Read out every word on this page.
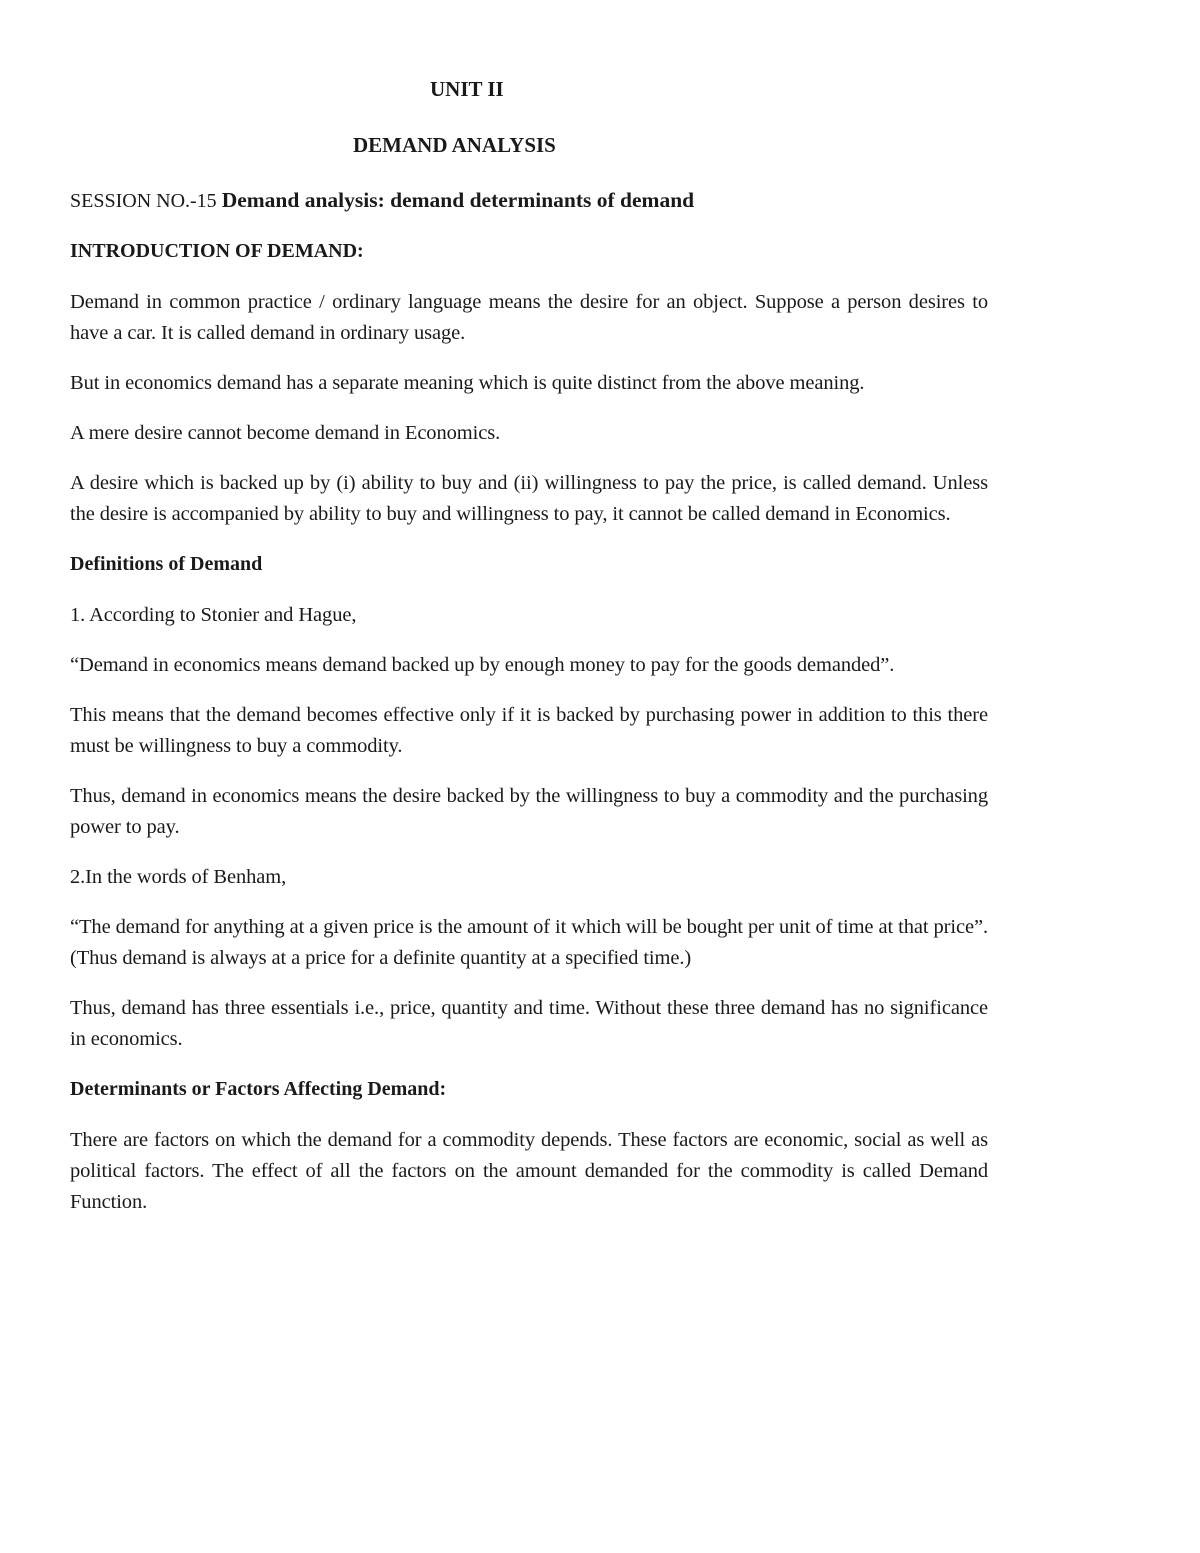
UNIT II
DEMAND ANALYSIS
SESSION NO.-15 Demand analysis: demand determinants of demand
INTRODUCTION OF DEMAND:

Demand in common practice / ordinary language means the desire for an object. Suppose a person desires to have a car. It is called demand in ordinary usage.

But in economics demand has a separate meaning which is quite distinct from the above meaning.

A mere desire cannot become demand in Economics.

A desire which is backed up by (i) ability to buy and (ii) willingness to pay the price, is called demand. Unless the desire is accompanied by ability to buy and willingness to pay, it cannot be called demand in Economics.

Definitions of Demand

1. According to Stonier and Hague,

“Demand in economics means demand backed up by enough money to pay for the goods demanded”.

This means that the demand becomes effective only if it is backed by purchasing power in addition to this there must be willingness to buy a commodity.

Thus, demand in economics means the desire backed by the willingness to buy a commodity and the purchasing power to pay.

2.In the words of Benham,

“The demand for anything at a given price is the amount of it which will be bought per unit of time at that price”. (Thus demand is always at a price for a definite quantity at a specified time.)

Thus, demand has three essentials i.e., price, quantity and time. Without these three demand has no significance in economics.

Determinants or Factors Affecting Demand:

There are factors on which the demand for a commodity depends. These factors are economic, social as well as political factors. The effect of all the factors on the amount demanded for the commodity is called Demand Function.
